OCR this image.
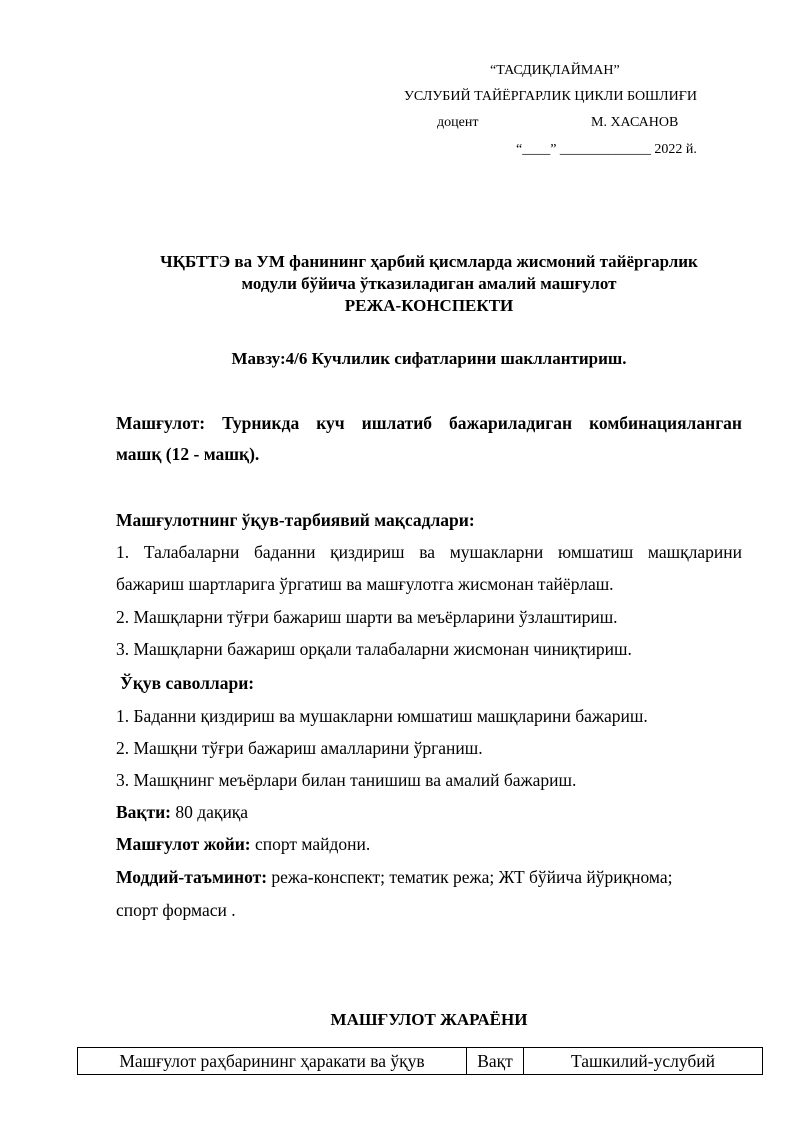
“ТАСДИҚЛАЙМАН”
УСЛУБИЙ ТАЙЁРГАРЛИК ЦИКЛИ БОШЛИҒИ
доцент	М. ХАСАНОВ
“____” _____________ 2022 й.
ЧҚБТТЭ ва УМ фанининг ҳарбий қисмларда жисмоний тайёргарлик
модули бўйича ўтказиладиган амалий машғулот
РЕЖА-КОНСПЕКТИ
Мавзу:4/6 Кучлилик сифатларини шакллантириш.
Машғулот: Турникда куч ишлатиб бажариладиган комбинацияланган
машқ (12 - машқ).
Машғулотнинг ўқув-тарбиявий мақсадлари:
1. Талабаларни баданни қиздириш ва мушакларни юмшатиш машқларини
бажариш шартларига ўргатиш ва машғулотга жисмонан тайёрлаш.
2. Машқларни тўғри бажариш шарти ва меъёрларини ўзлаштириш.
3. Машқларни бажариш орқали талабаларни жисмонан чиниқтириш.
Ўқув саволлари:
1. Баданни қиздириш ва мушакларни юмшатиш машқларини бажариш.
2. Машқни тўғри бажариш амалларини ўрганиш.
3. Машқнинг меъёрлари билан танишиш ва амалий бажариш.
Вақти: 80 дақиқа
Машғулот жойи: спорт майдони.
Моддий-таъминот: режа-конспект; тематик режа; ЖТ бўйича йўриқнома;
спорт формаси .
МАШҒУЛОТ ЖАРАЁНИ
Машғулот раҳбарининг ҳаракати ва ўқув	Вақт	Ташкилий-услубий
